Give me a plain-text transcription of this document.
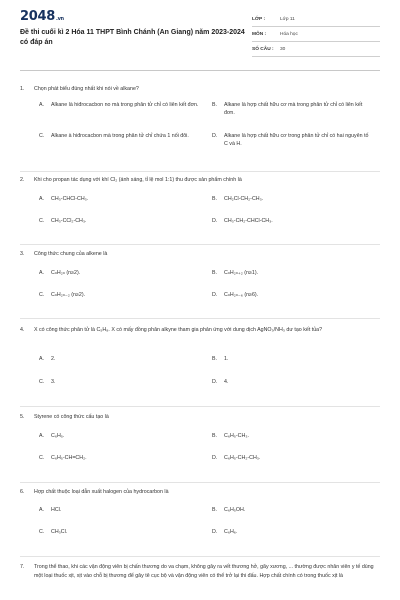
2048.vn
Đề thi cuối kì 2 Hóa 11 THPT Bình Chánh (An Giang) năm 2023-2024 có đáp án
LỚP :	Lớp 11
MÔN :	Hóa học
SỐ CÂU :	30
1.	Chọn phát biểu đúng nhất khi nói về alkane?
A.	Alkane là hiđrocacbon no mà trong phân tử chỉ có liên kết đơn.	B.	Alkane là hợp chất hữu cơ mà trong phân tử chỉ có liên kết đơn.
C.	Alkane à hiđrocacbon mà trong phân tử chỉ chứa 1 nối đôi.	D.	Alkane là hợp chất hữu cơ trong phân tử chỉ có hai nguyên tố C và H.
2.	Khi cho propan tác dụng với khí Cl₂ (ánh sáng, tỉ lệ mol 1:1) thu được sản phẩm chính là
A.	CH₃-CHCl-CH₃.	B.	CH₂Cl-CH₂-CH₃.
C.	CH₃-CCl₂-CH₃.	D.	CH₃-CH₂-CHCl-CH₃.
3.	Công thức chung của alkene là
A.	CₙH₂ₙ (n≥2).	B.	CₙH₂ₙ₊₂ (n≥1).
C.	CₙH₂ₙ₋₂ (n≥2).	D.	CₙH₂ₙ₋₆ (n≥6).
4.	X có công thức phân tử là C₅H₈. X có mấy đồng phân alkyne tham gia phản ứng với dung dịch AgNO₃/NH₃ dư tạo kết tủa?
A.	2.	B.	1.
C.	3.	D.	4.
5.	Styrene có công thức cấu tạo là
A.	C₆H₅.	B.	C₆H₅-CH₃.
C.	C₆H₅-CH=CH₂.	D.	C₆H₅-CH₂-CH₃.
6.	Hợp chất thuộc loại dẫn xuất halogen của hydrocarbon là
A.	HCl.	B.	C₆H₅OH.
C.	CH₃Cl.	D.	C₆H₆.
7.	Trong thể thao, khi các vận động viên bị chấn thương do va chạm, không gây ra vết thương hở, gãy xương, ... thường được nhân viên y tế dùng một loại thuốc xịt, xịt vào chỗ bị thương để gây tê cục bộ và vận động viên có thể trở lại thi đấu. Hợp chất chính có trong thuốc xịt là
